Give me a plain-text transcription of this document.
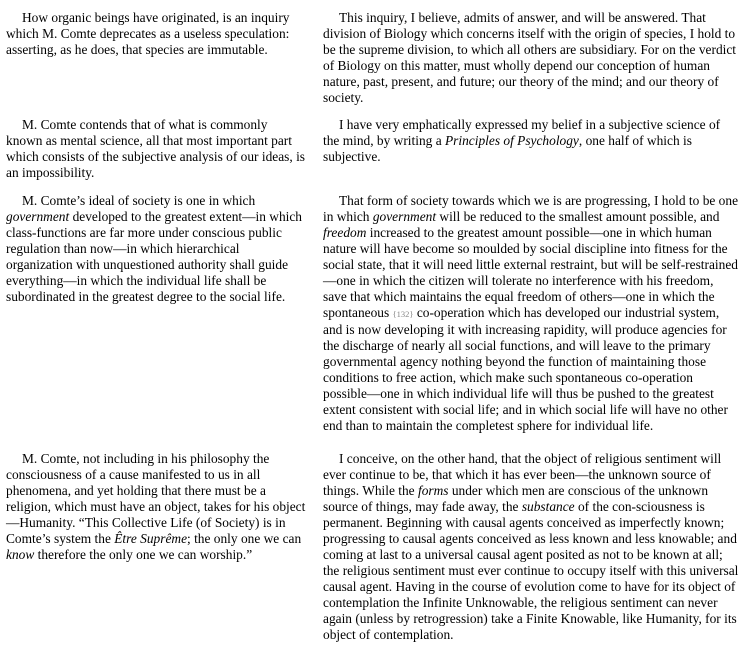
How organic beings have originated, is an inquiry which M. Comte deprecates as a useless speculation: asserting, as he does, that species are immutable.

This inquiry, I believe, admits of answer, and will be answered. That division of Biology which concerns itself with the origin of species, I hold to be the supreme division, to which all others are subsidiary. For on the verdict of Biology on this matter, must wholly depend our conception of human nature, past, present, and future; our theory of the mind; and our theory of society.

M. Comte contends that of what is commonly known as mental science, all that most important part which consists of the subjective analysis of our ideas, is an impossibility.

I have very emphatically expressed my belief in a subjective science of the mind, by writing a Principles of Psychology, one half of which is subjective.

M. Comte’s ideal of society is one in which government developed to the greatest extent—in which class-functions are far more under conscious public regulation than now—in which hierarchical organization with unquestioned authority shall guide everything—in which the individual life shall be subordinated in the greatest degree to the social life.

That form of society towards which we is are progressing, I hold to be one in which government will be reduced to the smallest amount possible, and freedom increased to the greatest amount possible—one in which human nature will have become so moulded by social discipline into fitness for the social state, that it will need little external restraint, but will be self-restrained—one in which the citizen will tolerate no interference with his freedom, save that which maintains the equal freedom of others—one in which the spontaneous {132} co-operation which has developed our industrial system, and is now developing it with increasing rapidity, will produce agencies for the discharge of nearly all social functions, and will leave to the primary governmental agency nothing beyond the function of maintaining those conditions to free action, which make such spontaneous co-operation possible—one in which individual life will thus be pushed to the greatest extent consistent with social life; and in which social life will have no other end than to maintain the completest sphere for individual life.

M. Comte, not including in his philosophy the consciousness of a cause manifested to us in all phenomena, and yet holding that there must be a religion, which must have an object, takes for his object—Humanity. “This Collective Life (of Society) is in Comte’s system the Être Suprême; the only one we can know therefore the only one we can worship.”

I conceive, on the other hand, that the object of religious sentiment will ever continue to be, that which it has ever been—the unknown source of things. While the forms under which men are conscious of the unknown source of things, may fade away, the substance of the con-sciousness is permanent. Beginning with causal agents conceived as imperfectly known; progressing to causal agents conceived as less known and less knowable; and coming at last to a universal causal agent posited as not to be known at all; the religious sentiment must ever continue to occupy itself with this universal causal agent. Having in the course of evolution come to have for its object of contemplation the Infinite Unknowable, the religious sentiment can never again (unless by retrogression) take a Finite Knowable, like Humanity, for its object of contemplation.
